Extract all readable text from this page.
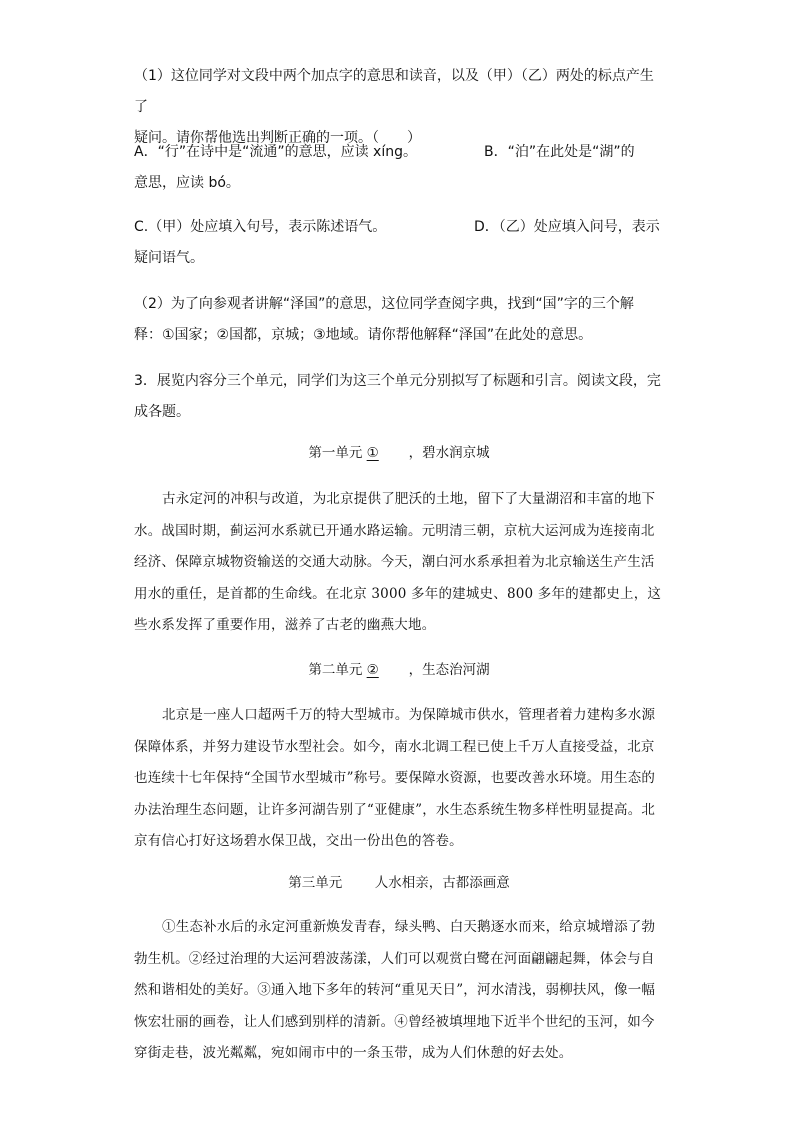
（1）这位同学对文段中两个加点字的意思和读音，以及（甲）（乙）两处的标点产生了

疑问。请你帮他选出判断正确的一项。（　　）

A．“行”在诗中是“流通”的意思，应读 xíng。	B．“泊”在此处是“湖”的
意思，应读 bó。
C.（甲）处应填入句号，表示陈述语气。	D．（乙）处应填入问号，表示
疑问语气。

（2）为了向参观者讲解“泽国”的意思，这位同学查阅字典，找到“国”字的三个解

释：①国家；②国都，京城；③地域。请你帮他解释“泽国”在此处的意思。

3．展览内容分三个单元，同学们为这三个单元分别拟写了标题和引言。阅读文段，完

成各题。

第一单元 ① ，碧水润京城

古永定河的冲积与改道，为北京提供了肥沃的土地，留下了大量湖沼和丰富的地下水。战国时期，蓟运河水系就已开通水路运输。元明清三朝，京杭大运河成为连接南北经济、保障京城物资输送的交通大动脉。今天，潮白河水系承担着为北京输送生产生活用水的重任，是首都的生命线。在北京 3000 多年的建城史、800 多年的建都史上，这些水系发挥了重要作用，滋养了古老的幽燕大地。

第二单元 ② ，生态治河湖

北京是一座人口超两千万的特大型城市。为保障城市供水，管理者着力建构多水源保障体系，并努力建设节水型社会。如今，南水北调工程已使上千万人直接受益，北京也连续十七年保持“全国节水型城市”称号。要保障水资源，也要改善水环境。用生态的办法治理生态问题，让许多河湖告别了“亚健康”，水生态系统生物多样性明显提高。北京有信心打好这场碧水保卫战，交出一份出色的答卷。

第三单元 人水相亲，古都添画意

①生态补水后的永定河重新焕发青春，绿头鸭、白天鹅逐水而来，给京城增添了勃勃生机。②经过治理的大运河碧波荡漾，人们可以观赏白鹭在河面翩翩起舞，体会与自然和谐相处的美好。③通入地下多年的转河“重见天日”，河水清浅，弱柳扶风，像一幅恢宏壮丽的画卷，让人们感到别样的清新。④曾经被填埋地下近半个世纪的玉河，如今穿街走巷，波光粼粼，宛如闹市中的一条玉带，成为人们休憩的好去处。
